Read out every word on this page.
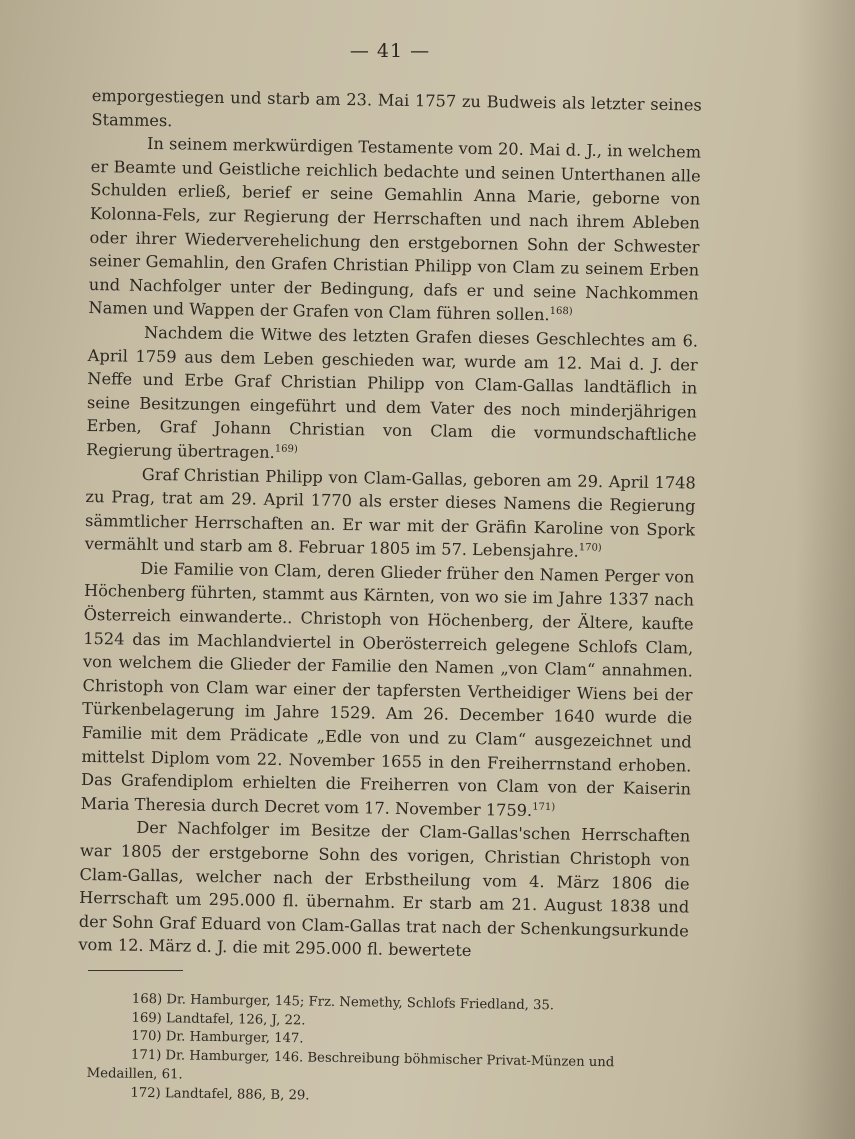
— 41 —

emporgestiegen und starb am 23. Mai 1757 zu Budweis als letzter seines Stammes.

In seinem merkwürdigen Testamente vom 20. Mai d. J., in welchem er Beamte und Geistliche reichlich bedachte und seinen Unterthanen alle Schulden erließ, berief er seine Gemahlin Anna Marie, geborne von Kolonna-Fels, zur Regierung der Herrschaften und nach ihrem Ableben oder ihrer Wiederverehelichung den erstgebornen Sohn der Schwester seiner Gemahlin, den Grafen Christian Philipp von Clam zu seinem Erben und Nachfolger unter der Bedingung, dafs er und seine Nachkommen Namen und Wappen der Grafen von Clam führen sollen.$^{168)}$

Nachdem die Witwe des letzten Grafen dieses Geschlechtes am 6. April 1759 aus dem Leben geschieden war, wurde am 12. Mai d. J. der Neffe und Erbe Graf Christian Philipp von Clam-Gallas landtäflich in seine Besitzungen eingeführt und dem Vater des noch minderjährigen Erben, Graf Johann Christian von Clam die vormundschaftliche Regierung übertragen.$^{169)}$

Graf Christian Philipp von Clam-Gallas, geboren am 29. April 1748 zu Prag, trat am 29. April 1770 als erster dieses Namens die Regierung sämmtlicher Herrschaften an. Er war mit der Gräfin Karoline von Spork vermählt und starb am 8. Februar 1805 im 57. Lebensjahre.$^{170)}$

Die Familie von Clam, deren Glieder früher den Namen Perger von Höchenberg führten, stammt aus Kärnten, von wo sie im Jahre 1337 nach Österreich einwanderte.. Christoph von Höchenberg, der Ältere, kaufte 1524 das im Machlandviertel in Oberösterreich gelegene Schlofs Clam, von welchem die Glieder der Familie den Namen „von Clam“ annahmen. Christoph von Clam war einer der tapfersten Vertheidiger Wiens bei der Türkenbelagerung im Jahre 1529. Am 26. December 1640 wurde die Familie mit dem Prädicate „Edle von und zu Clam“ ausgezeichnet und mittelst Diplom vom 22. November 1655 in den Freiherrnstand erhoben. Das Grafendiplom erhielten die Freiherren von Clam von der Kaiserin Maria Theresia durch Decret vom 17. November 1759.$^{171)}$

Der Nachfolger im Besitze der Clam-Gallas'schen Herrschaften war 1805 der erstgeborne Sohn des vorigen, Christian Christoph von Clam-Gallas, welcher nach der Erbstheilung vom 4. März 1806 die Herrschaft um 295.000 fl. übernahm. Er starb am 21. August 1838 und der Sohn Graf Eduard von Clam-Gallas trat nach der Schenkungsurkunde vom 12. März d. J. die mit 295.000 fl. bewertete

168) Dr. Hamburger, 145; Frz. Nemethy, Schlofs Friedland, 35.

169) Landtafel, 126, J, 22.

170) Dr. Hamburger, 147.

171) Dr. Hamburger, 146. Beschreibung böhmischer Privat-Münzen und Medaillen, 61.

172) Landtafel, 886, B, 29.
